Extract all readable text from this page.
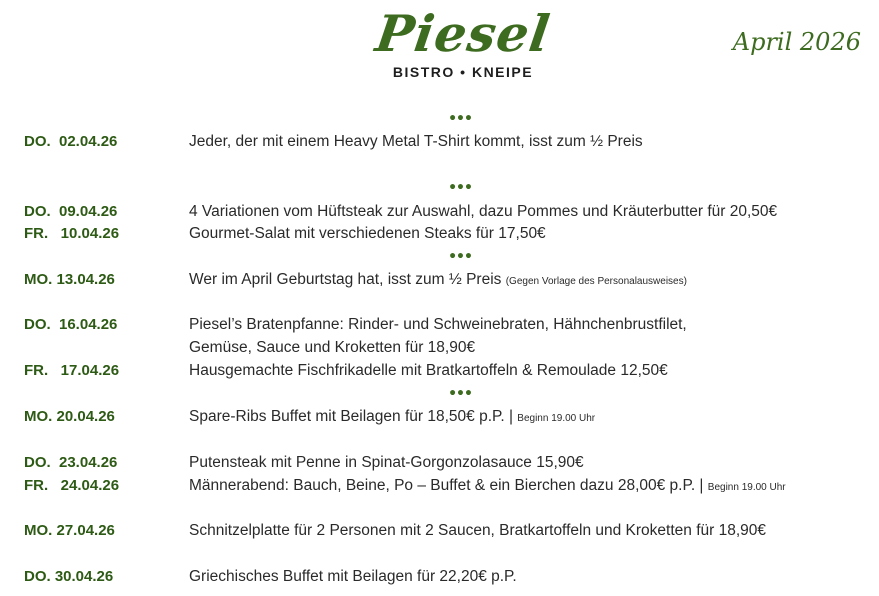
Piesel
BISTRO • KNEIPE
April 2026
•••
•••
•••
•••
DO.  02.04.26	Jeder, der mit einem Heavy Metal T-Shirt kommt, isst zum ½ Preis
DO.  09.04.26	4 Variationen vom Hüftsteak zur Auswahl, dazu Pommes und Kräuterbutter für 20,50€
FR.   10.04.26	Gourmet-Salat mit verschiedenen Steaks für 17,50€
MO. 13.04.26	Wer im April Geburtstag hat, isst zum ½ Preis (Gegen Vorlage des Personalausweises)
DO.  16.04.26	Piesel’s Bratenpfanne: Rinder- und Schweinebraten, Hähnchenbrustfilet,
Gemüse, Sauce und Kroketten für 18,90€
FR.   17.04.26	Hausgemachte Fischfrikadelle mit Bratkartoffeln & Remoulade 12,50€
MO. 20.04.26	Spare-Ribs Buffet mit Beilagen für 18,50€ p.P. | Beginn 19.00 Uhr
DO.  23.04.26	Putensteak mit Penne in Spinat-Gorgonzolasauce 15,90€
FR.   24.04.26	Männerabend: Bauch, Beine, Po – Buffet & ein Bierchen dazu 28,00€ p.P. | Beginn 19.00 Uhr
MO. 27.04.26	Schnitzelplatte für 2 Personen mit 2 Saucen, Bratkartoffeln und Kroketten für 18,90€
DO. 30.04.26	Griechisches Buffet mit Beilagen für 22,20€ p.P.
